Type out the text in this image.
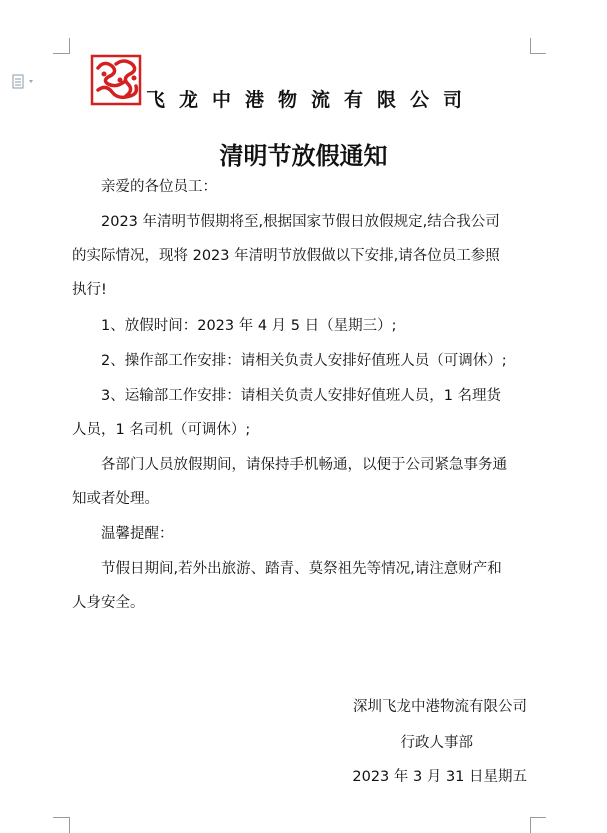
飞龙中港物流有限公司
清明节放假通知
亲爱的各位员工：
2023 年清明节假期将至,根据国家节假日放假规定,结合我公司
的实际情况，现将 2023 年清明节放假做以下安排,请各位员工参照
执行!
1、放假时间：2023 年 4 月 5 日（星期三）;
2、操作部工作安排：请相关负责人安排好值班人员（可调休）;
3、运输部工作安排：请相关负责人安排好值班人员，1 名理货
人员，1 名司机（可调休）;
各部门人员放假期间，请保持手机畅通，以便于公司紧急事务通
知或者处理。
温馨提醒：
节假日期间,若外出旅游、踏青、莫祭祖先等情况,请注意财产和
人身安全。
深圳飞龙中港物流有限公司
行政人事部
2023 年 3 月 31 日星期五
